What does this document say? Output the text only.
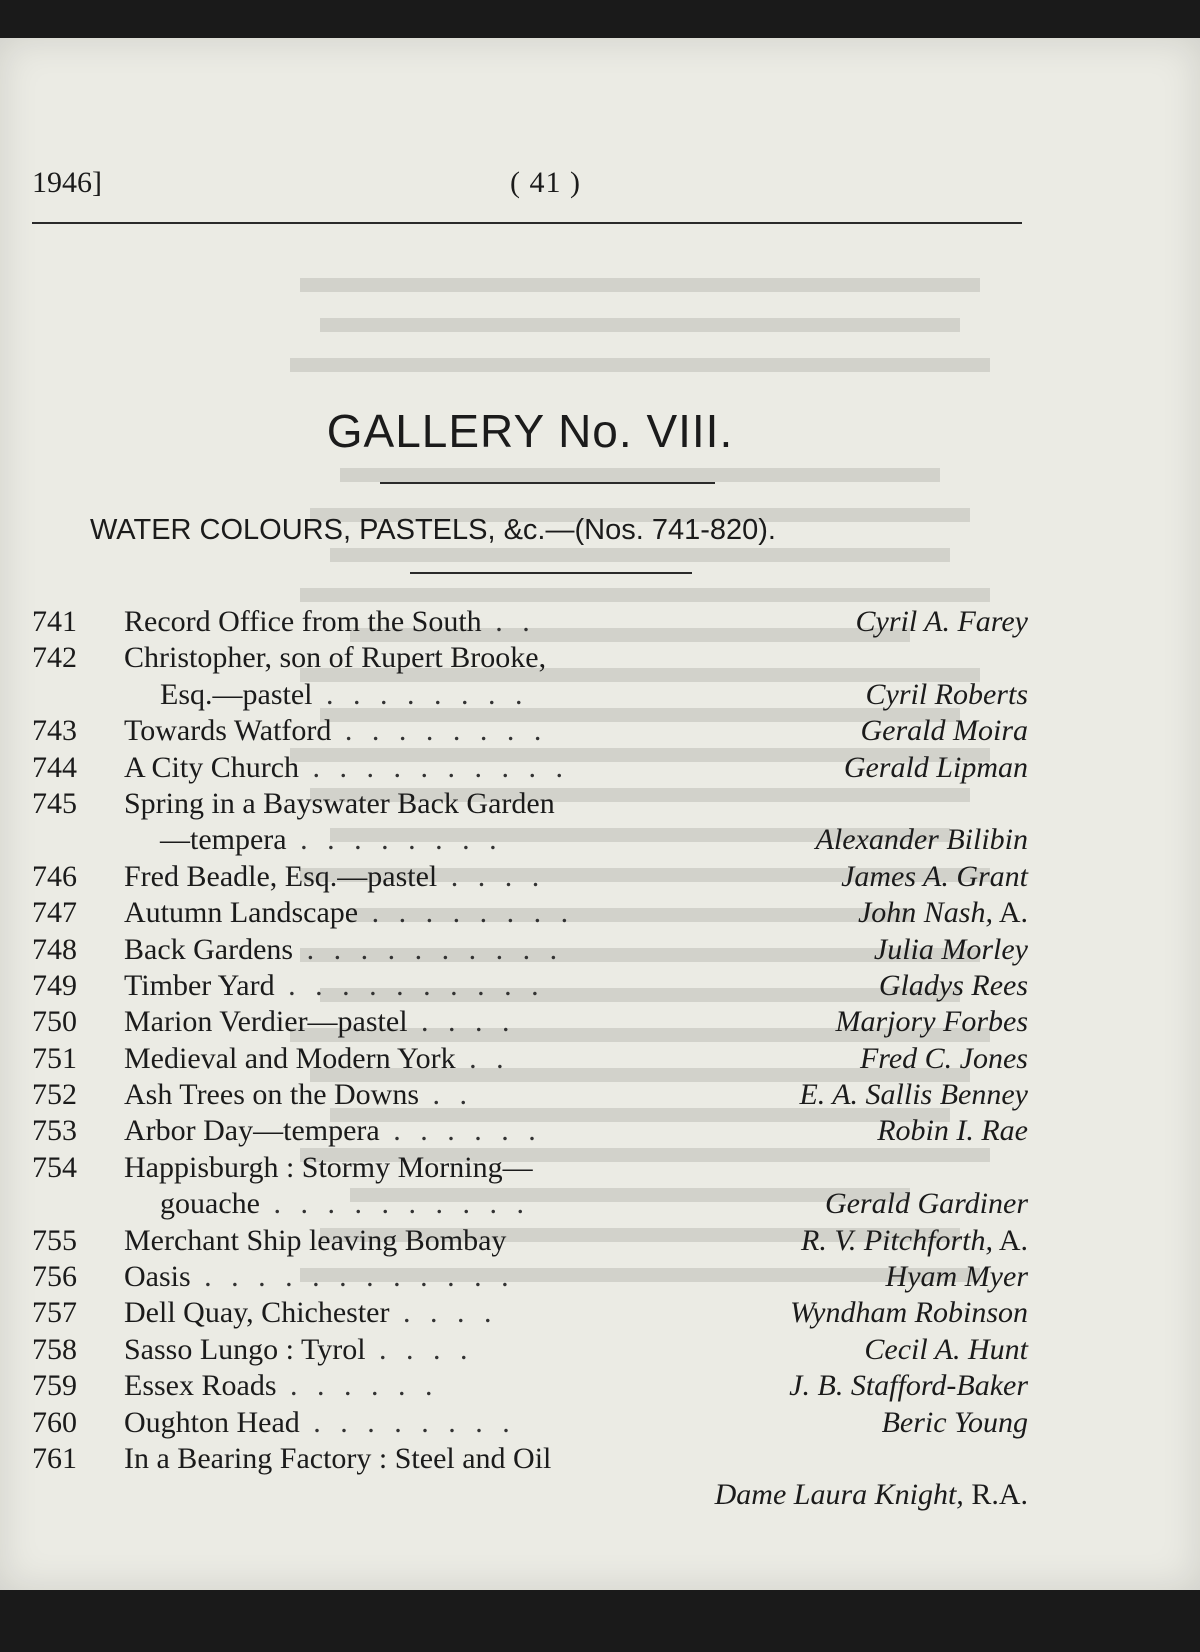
1946]	( 41 )
GALLERY No. VIII.
WATER COLOURS, PASTELS, &c.—(Nos. 741-820).
741	Record Office from the South . .	Cyril A. Farey
742	Christopher, son of Rupert Brooke,
Esq.—pastel . . . . . . . .	Cyril Roberts
743	Towards Watford . . . . . . . .	Gerald Moira
744	A City Church . . . . . . . . . .	Gerald Lipman
745	Spring in a Bayswater Back Garden
—tempera . . . . . . . .	Alexander Bilibin
746	Fred Beadle, Esq.—pastel . . . .	James A. Grant
747	Autumn Landscape . . . . . . . .	John Nash, A.
748	Back Gardens . . . . . . . . . .	Julia Morley
749	Timber Yard . . . . . . . . . .	Gladys Rees
750	Marion Verdier—pastel . . . .	Marjory Forbes
751	Medieval and Modern York . .	Fred C. Jones
752	Ash Trees on the Downs . .	E. A. Sallis Benney
753	Arbor Day—tempera . . . . . .	Robin I. Rae
754	Happisburgh : Stormy Morning—
gouache . . . . . . . . . .	Gerald Gardiner
755	Merchant Ship leaving Bombay	R. V. Pitchforth, A.
756	Oasis . . . . . . . . . . . .	Hyam Myer
757	Dell Quay, Chichester . . . .	Wyndham Robinson
758	Sasso Lungo : Tyrol . . . .	Cecil A. Hunt
759	Essex Roads . . . . . .	J. B. Stafford-Baker
760	Oughton Head . . . . . . . .	Beric Young
761	In a Bearing Factory : Steel and Oil
Dame Laura Knight, R.A.
